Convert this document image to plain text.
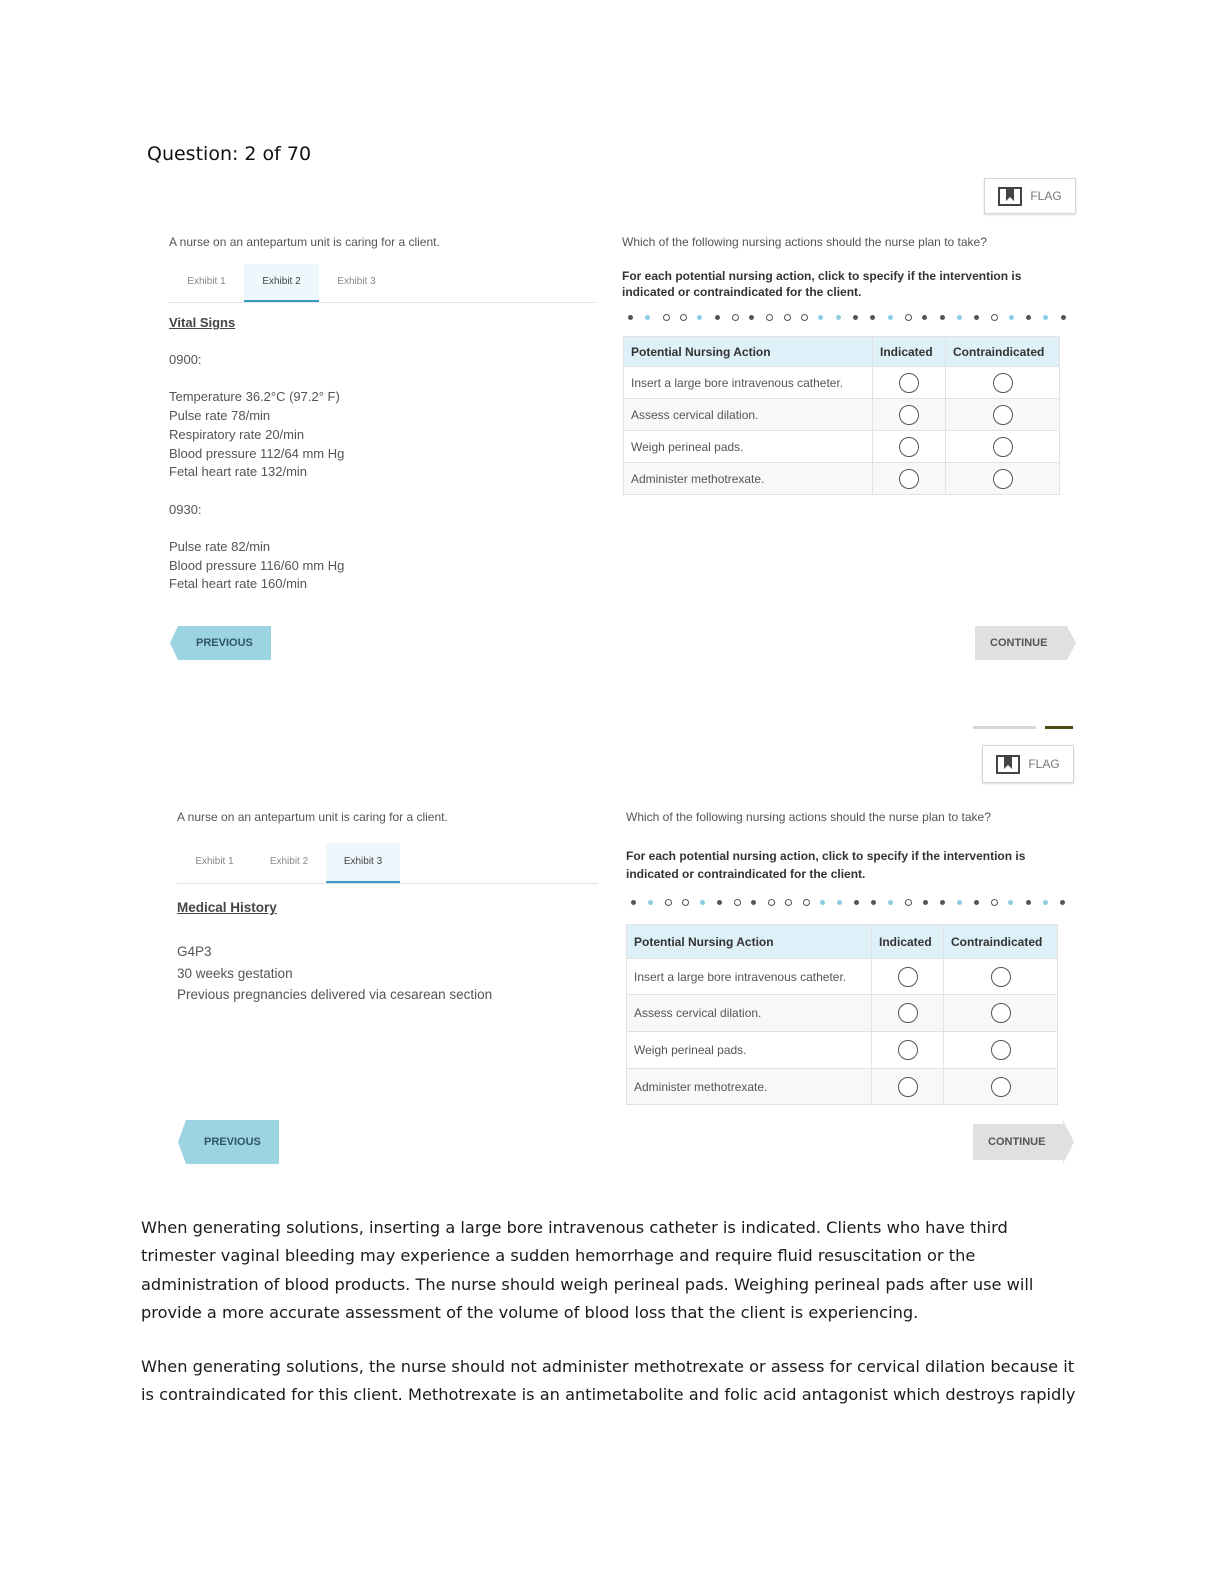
Question: 2 of 70
FLAG
A nurse on an antepartum unit is caring for a client.
Exhibit 1	Exhibit 2	Exhibit 3
Vital Signs
0900:

Temperature 36.2°C (97.2° F)
Pulse rate 78/min
Respiratory rate 20/min
Blood pressure 112/64 mm Hg
Fetal heart rate 132/min

0930:

Pulse rate 82/min
Blood pressure 116/60 mm Hg
Fetal heart rate 160/min
Which of the following nursing actions should the nurse plan to take?
For each potential nursing action, click to specify if the intervention is indicated or contraindicated for the client.
Potential Nursing Action	Indicated	Contraindicated
Insert a large bore intravenous catheter.		
Assess cervical dilation.		
Weigh perineal pads.		
Administer methotrexate.		
PREVIOUS	CONTINUE
FLAG
A nurse on an antepartum unit is caring for a client.
Exhibit 1	Exhibit 2	Exhibit 3
Medical History
G4P3
30 weeks gestation
Previous pregnancies delivered via cesarean section
Which of the following nursing actions should the nurse plan to take?
For each potential nursing action, click to specify if the intervention is indicated or contraindicated for the client.
Potential Nursing Action	Indicated	Contraindicated
Insert a large bore intravenous catheter.		
Assess cervical dilation.		
Weigh perineal pads.		
Administer methotrexate.		
PREVIOUS	CONTINUE
When generating solutions, inserting a large bore intravenous catheter is indicated. Clients who have third trimester vaginal bleeding may experience a sudden hemorrhage and require fluid resuscitation or the administration of blood products. The nurse should weigh perineal pads. Weighing perineal pads after use will provide a more accurate assessment of the volume of blood loss that the client is experiencing.
When generating solutions, the nurse should not administer methotrexate or assess for cervical dilation because it is contraindicated for this client. Methotrexate is an antimetabolite and folic acid antagonist which destroys rapidly
